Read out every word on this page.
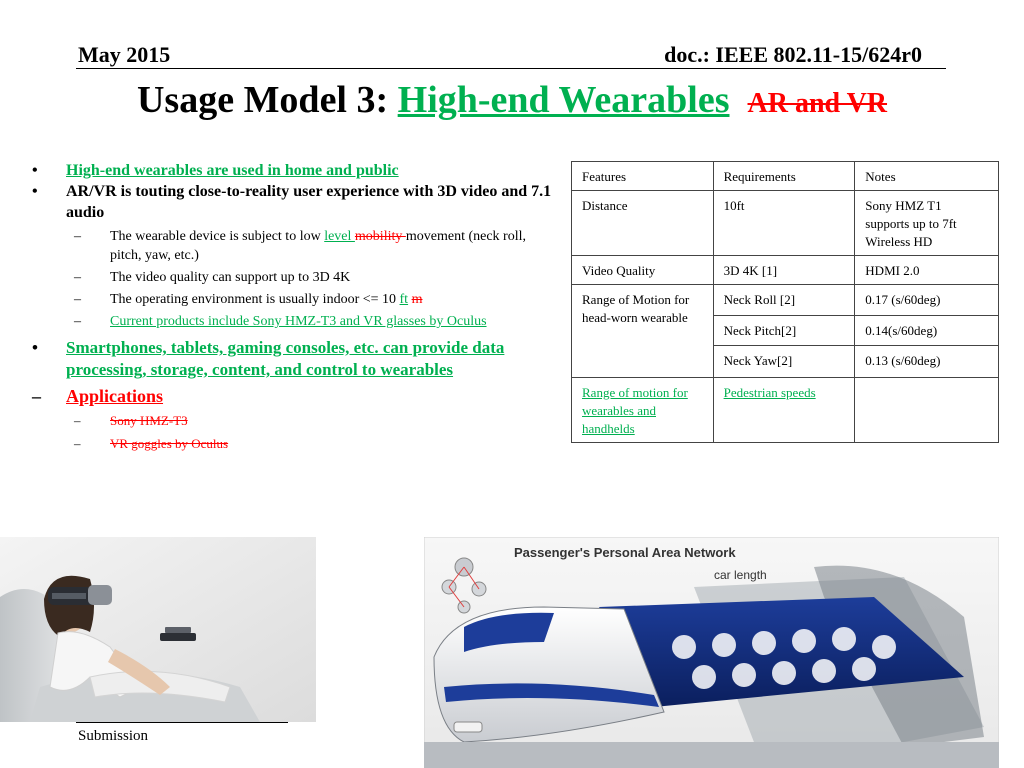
May 2015	doc.: IEEE 802.11-15/624r0
Usage Model 3: High-end Wearables AR and VR
• High-end wearables are used in home and public
• AR/VR is touting close-to-reality user experience with 3D video and 7.1 audio
– The wearable device is subject to low level mobility movement (neck roll, pitch, yaw, etc.)
– The video quality can support up to 3D 4K
– The operating environment is usually indoor <= 10 ft m
– Current products include Sony HMZ-T3 and VR glasses by Oculus
• Smartphones, tablets, gaming consoles, etc. can provide data processing, storage, content, and control to wearables
– Applications
– Sony HMZ-T3
– VR goggles by Oculus
Features	Requirements	Notes
Distance	10ft	Sony HMZ T1 supports up to 7ft Wireless HD
Video Quality	3D 4K [1]	HDMI 2.0
Range of Motion for head-worn wearable	Neck Roll [2]	0.17 (s/60deg)
	Neck Pitch[2]	0.14(s/60deg)
	Neck Yaw[2]	0.13 (s/60deg)
Range of motion for wearables and handhelds	Pedestrian speeds	
Passenger's Personal Area Network
car length
Submission
